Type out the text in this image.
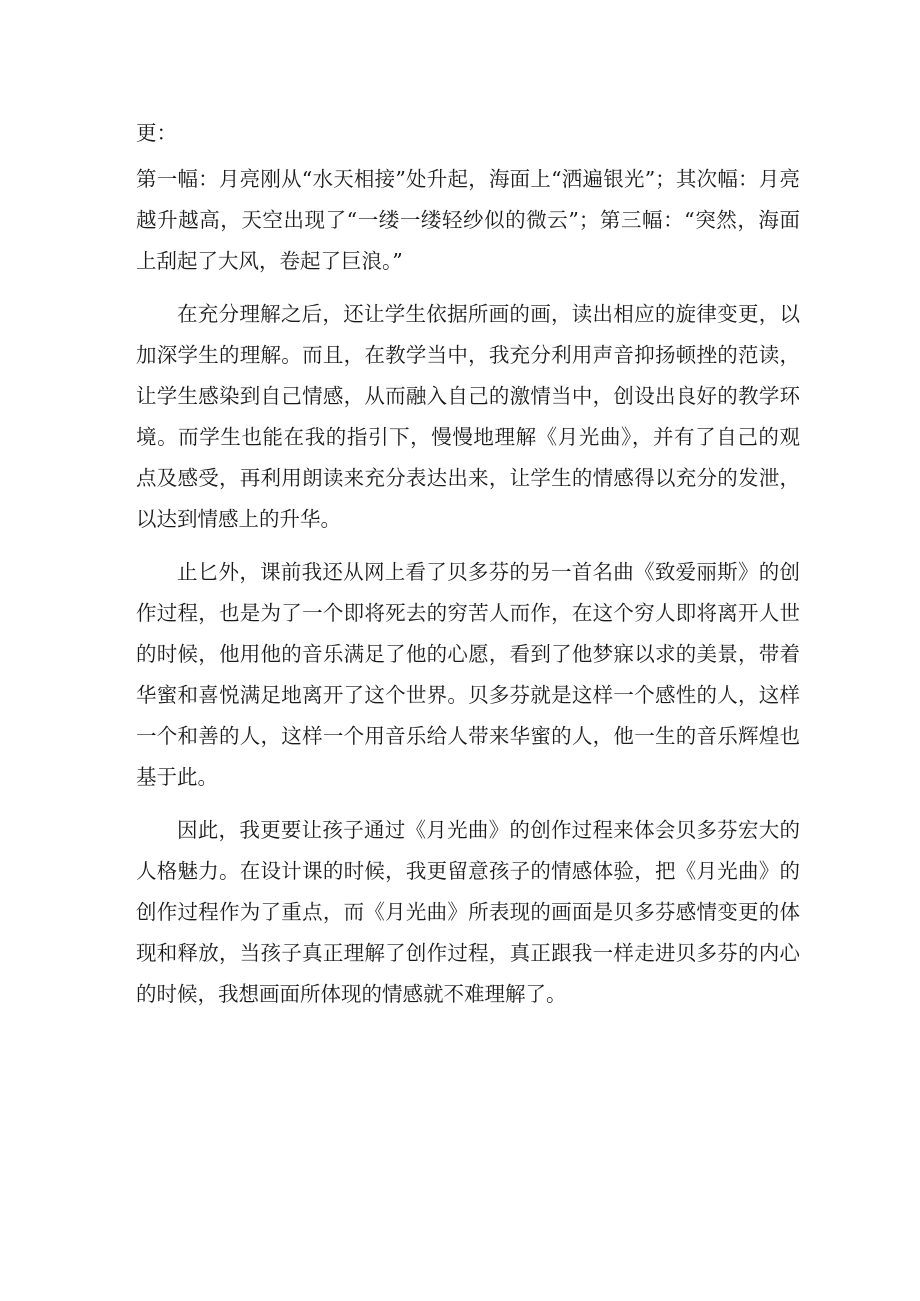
更：

第一幅：月亮刚从“水天相接”处升起，海面上“洒遍银光”；其次幅：月亮越升越高，天空出现了“一缕一缕轻纱似的微云”；第三幅：“突然，海面上刮起了大风，卷起了巨浪。”

在充分理解之后，还让学生依据所画的画，读出相应的旋律变更，以加深学生的理解。而且，在教学当中，我充分利用声音抑扬顿挫的范读，让学生感染到自己情感，从而融入自己的激情当中，创设出良好的教学环境。而学生也能在我的指引下，慢慢地理解《月光曲》，并有了自己的观点及感受，再利用朗读来充分表达出来，让学生的情感得以充分的发泄，以达到情感上的升华。

止匕外，课前我还从网上看了贝多芬的另一首名曲《致爱丽斯》的创作过程，也是为了一个即将死去的穷苦人而作，在这个穷人即将离开人世的时候，他用他的音乐满足了他的心愿，看到了他梦寐以求的美景，带着华蜜和喜悦满足地离开了这个世界。贝多芬就是这样一个感性的人，这样一个和善的人，这样一个用音乐给人带来华蜜的人，他一生的音乐辉煌也基于此。

因此，我更要让孩子通过《月光曲》的创作过程来体会贝多芬宏大的人格魅力。在设计课的时候，我更留意孩子的情感体验，把《月光曲》的创作过程作为了重点，而《月光曲》所表现的画面是贝多芬感情变更的体现和释放，当孩子真正理解了创作过程，真正跟我一样走进贝多芬的内心的时候，我想画面所体现的情感就不难理解了。
